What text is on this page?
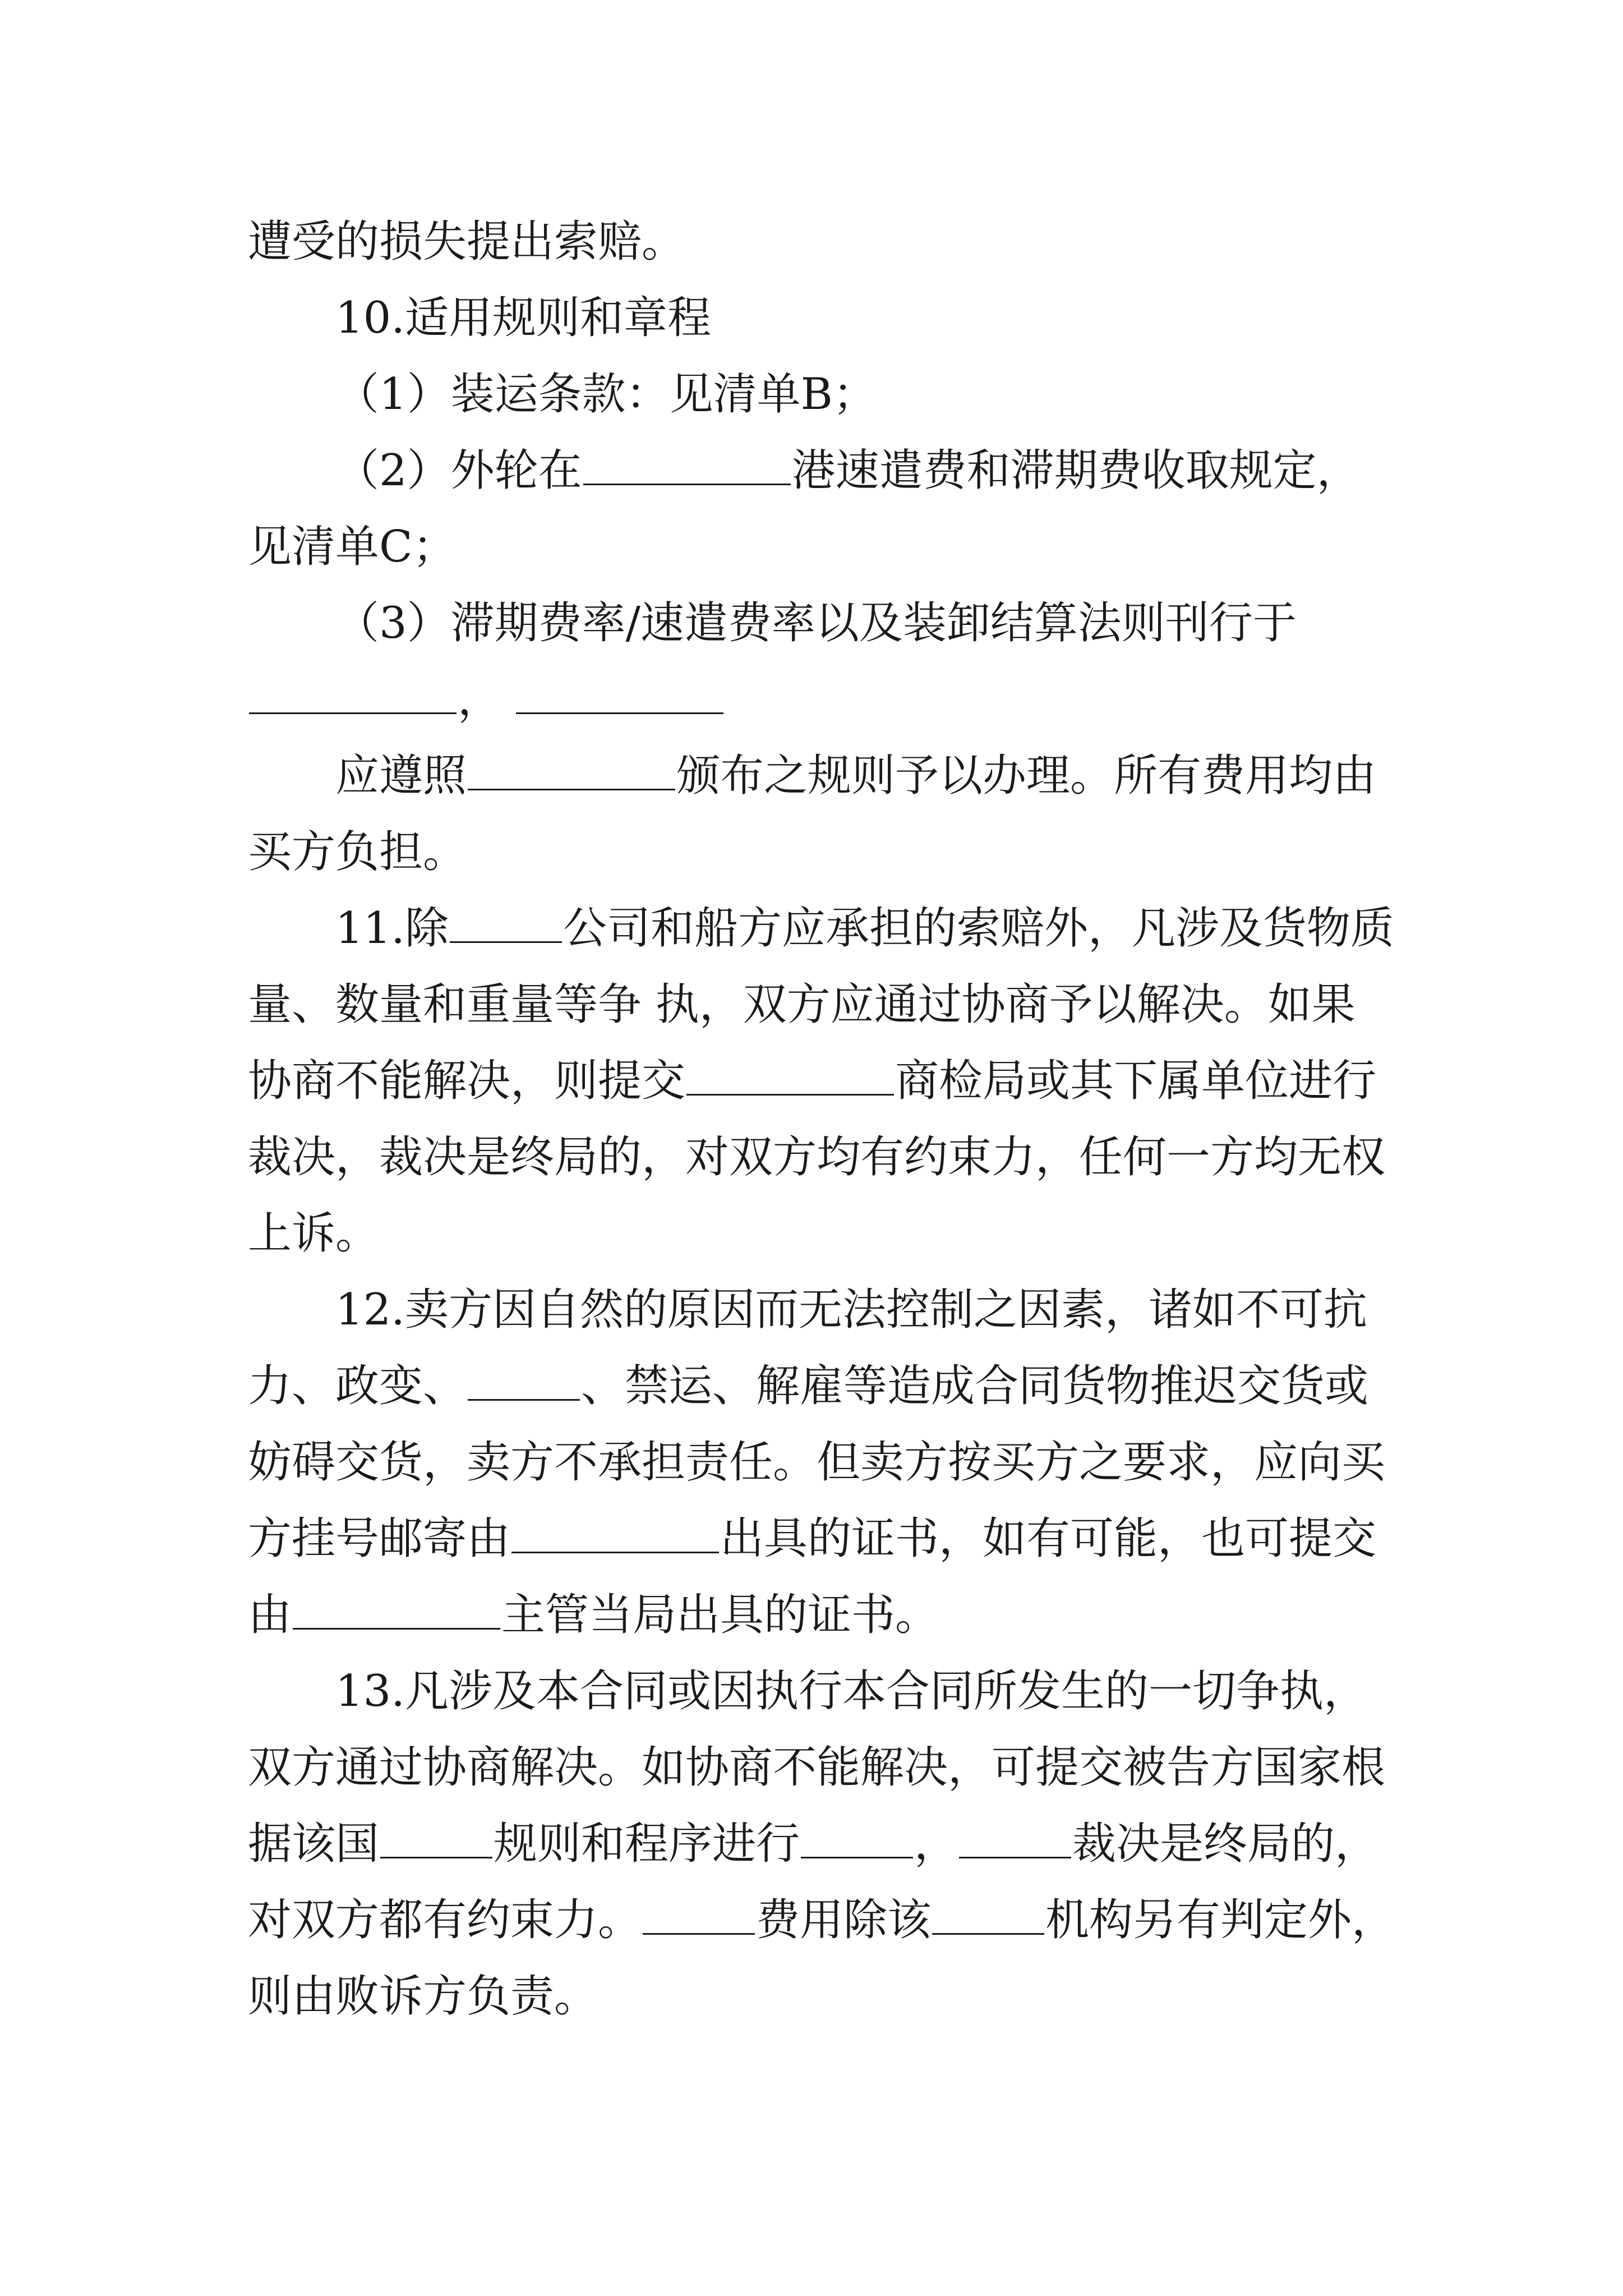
遭受的损失提出索赔。
10.适用规则和章程
（1）装运条款：见清单B；
（2）外轮在	港速遣费和滞期费收取规定，
见清单C；
（3）滞期费率/速遣费率以及装卸结算法则刊行于
，
应遵照	颁布之规则予以办理。所有费用均由
买方负担。
11.除	公司和船方应承担的索赔外，凡涉及货物质
量、数量和重量等争 执，双方应通过协商予以解决。如果
协商不能解决，则提交	商检局或其下属单位进行
裁决，裁决是终局的，对双方均有约束力，任何一方均无权
上诉。
12.卖方因自然的原因而无法控制之因素，诸如不可抗
力、政变、	、禁运、解雇等造成合同货物推迟交货或
妨碍交货，卖方不承担责任。但卖方按买方之要求，应向买
方挂号邮寄由	出具的证书，如有可能，也可提交
由	主管当局出具的证书。
13.凡涉及本合同或因执行本合同所发生的一切争执，
双方通过协商解决。如协商不能解决，可提交被告方国家根
据该国	规则和程序进行	，	裁决是终局的，
对双方都有约束力。	费用除该	机构另有判定外，
则由败诉方负责。
